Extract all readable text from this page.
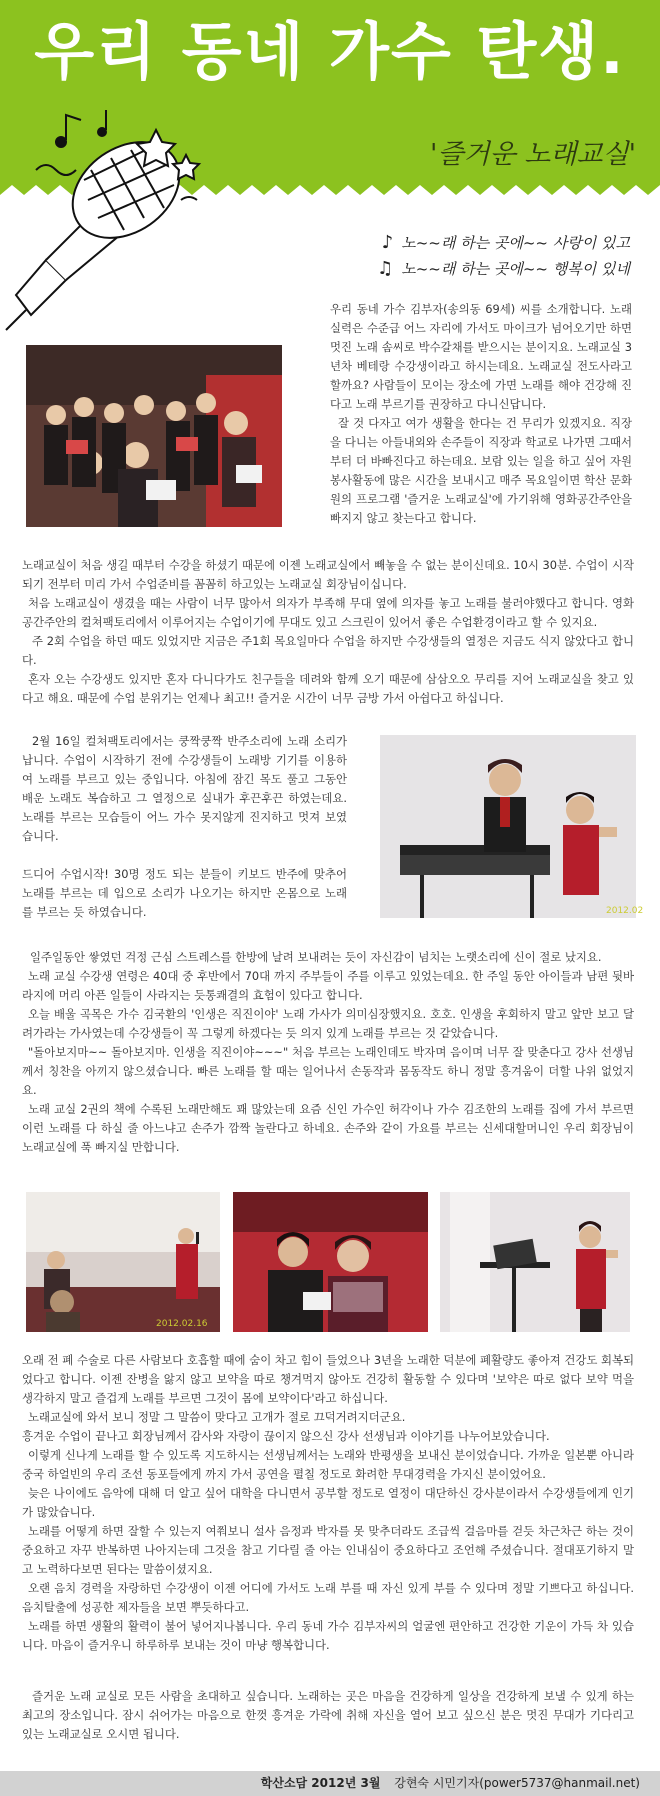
우리 동네 가수 탄생.
'즐거운 노래교실'
♪ 노~~래 하는 곳에~~ 사랑이 있고
♫ 노~~래 하는 곳에~~ 행복이 있네

우리 동네 가수 김부자(송의동 69세) 씨를 소개합니다. 노래 실력은 수준급 어느 자리에 가서도 마이크가 넘어오기만 하면 멋진 노래 솜씨로 박수갈채를 받으시는 분이지요. 노래교실 3년차 베테랑 수강생이라고 하시는데요. 노래교실 전도사라고 할까요? 사람들이 모이는 장소에 가면 노래를 해야 건강해 진다고 노래 부르기를 권장하고 다니신답니다.

잘 것 다자고 여가 생활을 한다는 건 무리가 있겠지요. 직장을 다니는 아들내외와 손주들이 직장과 학교로 나가면 그때서부터 더 바빠진다고 하는데요. 보람 있는 일을 하고 싶어 자원봉사활동에 많은 시간을 보내시고 매주 목요일이면 학산 문화원의 프로그램 '즐거운 노래교실'에 가기위해 영화공간주안을 빠지지 않고 찾는다고 합니다.

노래교실이 처음 생길 때부터 수강을 하셨기 때문에 이젠 노래교실에서 빼놓을 수 없는 분이신데요. 10시 30분. 수업이 시작되기 전부터 미리 가서 수업준비를 꼼꼼히 하고있는 노래교실 회장님이십니다.

처음 노래교실이 생겼을 때는 사람이 너무 많아서 의자가 부족해 무대 옆에 의자를 놓고 노래를 불러야했다고 합니다. 영화공간주안의 컬쳐팩토리에서 이루어지는 수업이기에 무대도 있고 스크린이 있어서 좋은 수업환경이라고 할 수 있지요.

주 2회 수업을 하던 때도 있었지만 지금은 주1회 목요일마다 수업을 하지만 수강생들의 열정은 지금도 식지 않았다고 합니다.

혼자 오는 수강생도 있지만 혼자 다니다가도 친구들을 데려와 함께 오기 때문에 삼삼오오 무리를 지어 노래교실을 찾고 있다고 해요. 때문에 수업 분위기는 언제나 최고!! 즐거운 시간이 너무 금방 가서 아쉽다고 하십니다.

2월 16일 컬쳐팩토리에서는 쿵짝쿵짝 반주소리에 노래 소리가 납니다. 수업이 시작하기 전에 수강생들이 노래방 기기를 이용하여 노래를 부르고 있는 중입니다. 아침에 잠긴 목도 풀고 그동안 배운 노래도 복습하고 그 열정으로 실내가 후끈후끈 하였는데요. 노래를 부르는 모습들이 어느 가수 못지않게 진지하고 멋져 보였습니다.

드디어 수업시작! 30명 정도 되는 분들이 키보드 반주에 맞추어 노래를 부르는 데 입으로 소리가 나오기는 하지만 온몸으로 노래를 부르는 듯 하였습니다.	2012.02

일주일동안 쌓였던 걱정 근심 스트레스를 한방에 날려 보내려는 듯이 자신감이 넘치는 노랫소리에 신이 절로 났지요.

노래 교실 수강생 연령은 40대 중 후반에서 70대 까지 주부들이 주를 이루고 있었는데요. 한 주일 동안 아이들과 남편 뒷바라지에 머리 아픈 일들이 사라지는 듯통쾌결의 효험이 있다고 합니다.

오늘 배울 곡목은 가수 김국환의 '인생은 직진이야' 노래 가사가 의미심장했지요. 호호. 인생을 후회하지 말고 앞만 보고 달려가라는 가사였는데 수강생들이 꼭 그렇게 하겠다는 듯 의지 있게 노래를 부르는 것 같았습니다.

"돌아보지마~~ 돌아보지마. 인생을 직진이야~~~" 처음 부르는 노래인데도 박자며 음이며 너무 잘 맞춘다고 강사 선생님께서 칭찬을 아끼지 않으셨습니다. 빠른 노래를 할 때는 일어나서 손동작과 몸동작도 하니 정말 흥겨움이 더할 나위 없었지요.

노래 교실 2권의 책에 수록된 노래만해도 꽤 많았는데 요즘 신인 가수인 허각이나 가수 김조한의 노래를 집에 가서 부르면 이런 노래를 다 하실 줄 아느냐고 손주가 깜짝 놀란다고 하네요. 손주와 같이 가요를 부르는 신세대할머니인 우리 회장님이 노래교실에 푹 빠지실 만합니다.

2012.02.16

오래 전 폐 수술로 다른 사람보다 호흡할 때에 숨이 차고 힘이 들었으나 3년을 노래한 덕분에 폐활량도 좋아져 건강도 회복되었다고 합니다. 이젠 잔병을 앓지 않고 보약을 따로 챙겨먹지 않아도 건강히 활동할 수 있다며 '보약은 따로 없다 보약 먹을 생각하지 말고 즐겁게 노래를 부르면 그것이 몸에 보약이다'라고 하십니다.

노래교실에 와서 보니 정말 그 말씀이 맞다고 고개가 절로 끄덕거려지더군요.

흥겨운 수업이 끝나고 회장님께서 감사와 자랑이 끊이지 않으신 강사 선생님과 이야기를 나누어보았습니다.

이렇게 신나게 노래를 할 수 있도록 지도하시는 선생님께서는 노래와 반평생을 보내신 분이었습니다. 가까운 일본뿐 아니라 중국 하얼빈의 우리 조선 동포들에게 까지 가서 공연을 펼칠 정도로 화려한 무대경력을 가지신 분이었어요.

늦은 나이에도 음악에 대해 더 알고 싶어 대학을 다니면서 공부할 정도로 열정이 대단하신 강사분이라서 수강생들에게 인기가 많았습니다.

노래를 어떻게 하면 잘할 수 있는지 여쭤보니 설사 음정과 박자를 못 맞추더라도 조급씩 걸음마를 걷듯 차근차근 하는 것이 중요하고 자꾸 반복하면 나아지는데 그것을 참고 기다릴 줄 아는 인내심이 중요하다고 조언해 주셨습니다. 절대포기하지 말고 노력하다보면 된다는 말씀이셨지요.

오랜 음치 경력을 자랑하던 수강생이 이젠 어디에 가서도 노래 부를 때 자신 있게 부를 수 있다며 정말 기쁘다고 하십니다. 음치탈출에 성공한 제자들을 보면 뿌듯하다고.

노래를 하면 생활의 활력이 불어 넣어지나봅니다. 우리 동네 가수 김부자씨의 얼굴엔 편안하고 건강한 기운이 가득 차 있습니다. 마음이 즐거우니 하루하루 보내는 것이 마냥 행복합니다.

즐거운 노래 교실로 모든 사람을 초대하고 싶습니다. 노래하는 곳은 마음을 건강하게 일상을 건강하게 보낼 수 있게 하는 최고의 장소입니다. 잠시 쉬어가는 마음으로 한껏 흥겨운 가락에 취해 자신을 열어 보고 싶으신 분은 멋진 무대가 기다리고 있는 노래교실로 오시면 됩니다.

학산소담 2012년 3월 강현숙 시민기자(power5737@hanmail.net)
